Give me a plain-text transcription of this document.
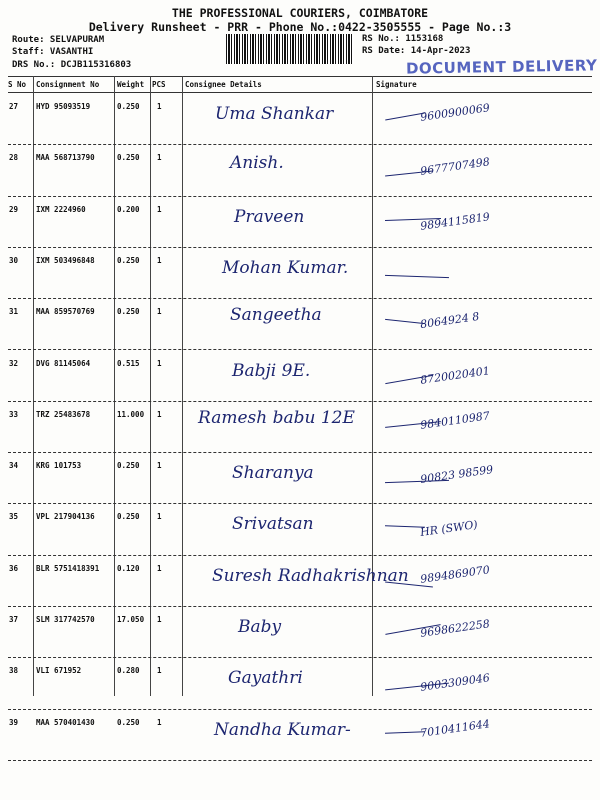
THE PROFESSIONAL COURIERS, COIMBATORE
Delivery Runsheet - PRR - Phone No.:0422-3505555 - Page No.:3
Route: SELVAPURAM
Staff: VASANTHI
DRS No.: DCJB115316803
RS No.: 1153168
RS Date: 14-Apr-2023
DOCUMENT DELIVERY
S No Consignment No Weight PCS	Consignee Details	Signature
27 HYD 95093519	0.250 1	Uma Shankar	9600900069
28 MAA 568713790	0.250 1	Anish.	9677707498
29 IXM 2224960	0.200 1	Praveen	9894115819
30 IXM 503496848	0.250 1	Mohan Kumar.
31 MAA 859570769	0.250 1	Sangeetha	8064924 8
32 DVG 81145064	0.515 1	Babji 9E.	8720020401
33 TRZ 25483678	11.000 1 Ramesh babu 12E	9840110987
34 KRG 101753	0.250 1	Sharanya	90823 98599
35 VPL 217904136	0.250 1	Srivatsan	HR (SWO)
36 BLR 5751418391 0.120 1	Suresh Radhakrishnan 9894869070
37 SLM 317742570	17.050 1	Baby	9698622258
38 VLI 671952	0.280 1	Gayathri	9003309046
39 MAA 570401430	0.250 1	Nandha Kumar-	7010411644
